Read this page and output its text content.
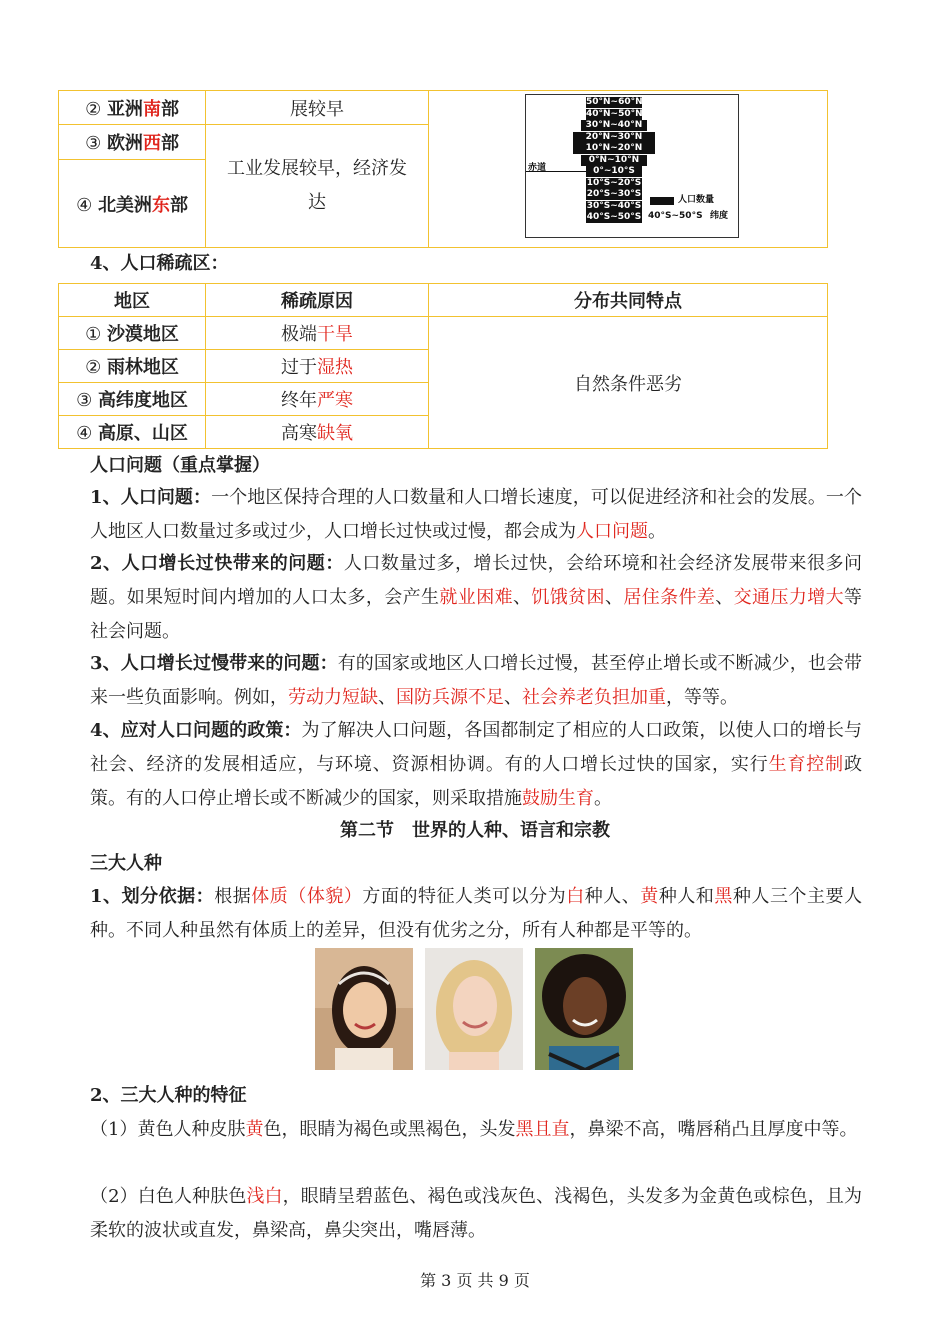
② 亚洲南部	展较早	
③ 欧洲西部	工业发展较早，经济发达	
④ 北美洲东部		
50°N~60°N
40°N~50°N
30°N~40°N
20°N~30°N
10°N~20°N
0°N~10°N
0°~10°S
10°S~20°S
20°S~30°S
30°S~40°S
40°S~50°S
赤道
人口数量
40°S~50°S 纬度
4、人口稀疏区：
地区	稀疏原因	分布共同特点
① 沙漠地区	极端干旱	自然条件恶劣
② 雨林地区	过于湿热	
③ 高纬度地区	终年严寒	
④ 高原、山区	高寒缺氧	
人口问题（重点掌握）
1、人口问题：一个地区保持合理的人口数量和人口增长速度，可以促进经济和社会的发展。一个人地区人口数量过多或过少，人口增长过快或过慢，都会成为人口问题。
2、人口增长过快带来的问题：人口数量过多，增长过快，会给环境和社会经济发展带来很多问题。如果短时间内增加的人口太多，会产生就业困难、饥饿贫困、居住条件差、交通压力增大等社会问题。
3、人口增长过慢带来的问题：有的国家或地区人口增长过慢，甚至停止增长或不断减少，也会带来一些负面影响。例如，劳动力短缺、国防兵源不足、社会养老负担加重，等等。
4、应对人口问题的政策：为了解决人口问题，各国都制定了相应的人口政策，以使人口的增长与社会、经济的发展相适应，与环境、资源相协调。有的人口增长过快的国家，实行生育控制政策。有的人口停止增长或不断减少的国家，则采取措施鼓励生育。
第二节　世界的人种、语言和宗教
三大人种
1、划分依据：根据体质（体貌）方面的特征人类可以分为白种人、黄种人和黑种人三个主要人种。不同人种虽然有体质上的差异，但没有优劣之分，所有人种都是平等的。
2、三大人种的特征
（1）黄色人种皮肤黄色，眼睛为褐色或黑褐色，头发黑且直，鼻梁不高，嘴唇稍凸且厚度中等。
（2）白色人种肤色浅白，眼睛呈碧蓝色、褐色或浅灰色、浅褐色，头发多为金黄色或棕色，且为柔软的波状或直发，鼻梁高，鼻尖突出，嘴唇薄。
第 3 页 共 9 页
